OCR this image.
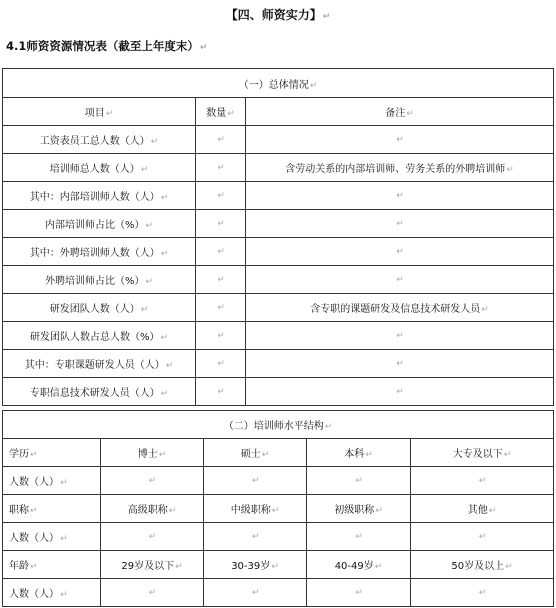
【四、师资实力】↵
4.1师资资源情况表（截至上年度末）↵
（一）总体情况↵		
项目↵	数量↵	备注↵
工资表员工总人数（人）↵	↵	↵
培训师总人数（人）↵	↵	含劳动关系的内部培训师、劳务关系的外聘培训师↵
其中：内部培训师人数（人）↵	↵	↵
内部培训师占比（%）↵	↵	↵
其中：外聘培训师人数（人）↵	↵	↵
外聘培训师占比（%）↵	↵	↵
研发团队人数（人）↵	↵	含专职的课题研发及信息技术研发人员↵
研发团队人数占总人数（%）↵	↵	↵
其中：专职课题研发人员（人）↵	↵	↵
专职信息技术研发人员（人）↵	↵	↵
（二）培训师水平结构↵				
学历↵	博士↵	硕士↵	本科↵	大专及以下↵
人数（人）↵	↵	↵	↵	↵
职称↵	高级职称↵	中级职称↵	初级职称↵	其他↵
人数（人）↵	↵	↵	↵	↵
年龄↵	29岁及以下↵	30-39岁↵	40-49岁↵	50岁及以上↵
人数（人）↵	↵	↵	↵	↵
